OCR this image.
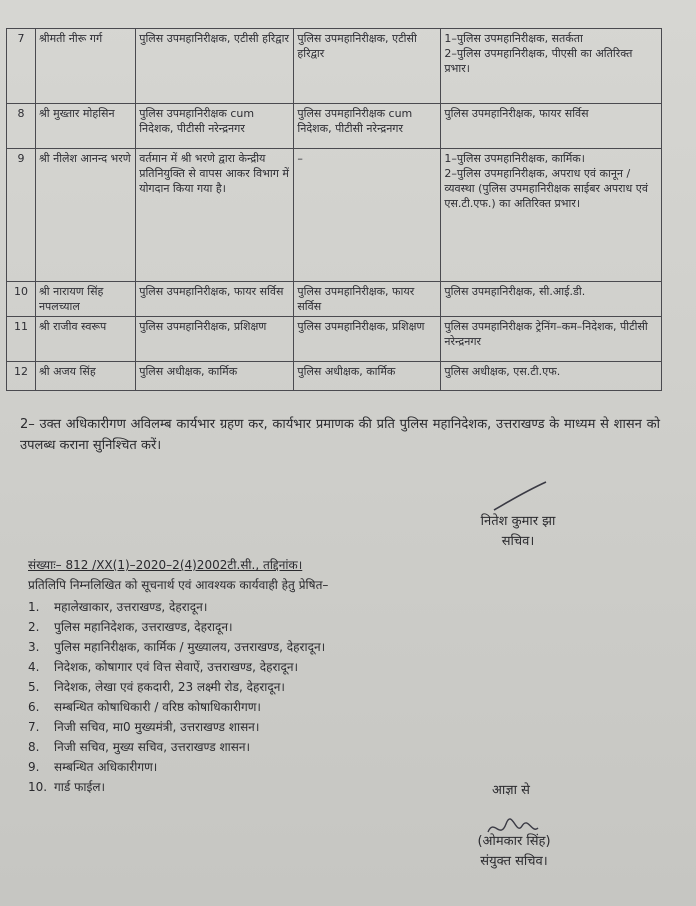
7	श्रीमती नीरू गर्ग	पुलिस उपमहानिरीक्षक, एटीसी हरिद्वार	पुलिस उपमहानिरीक्षक, एटीसी हरिद्वार	1–पुलिस उपमहानिरीक्षक, सतर्कता
2–पुलिस उपमहानिरीक्षक, पीएसी का अतिरिक्त प्रभार।

8	श्री मुख्तार मोहसिन	पुलिस उपमहानिरीक्षक cum निदेशक, पीटीसी नरेन्द्रनगर	पुलिस उपमहानिरीक्षक cum निदेशक, पीटीसी नरेन्द्रनगर	पुलिस उपमहानिरीक्षक, फायर सर्विस

9	श्री नीलेश आनन्द भरणे	वर्तमान में श्री भरणे द्वारा केन्द्रीय प्रतिनियुक्ति से वापस आकर विभाग में योगदान किया गया है।	–	1–पुलिस उपमहानिरीक्षक, कार्मिक।
2–पुलिस उपमहानिरीक्षक, अपराध एवं कानून / व्यवस्था (पुलिस उपमहानिरीक्षक साईबर अपराध एवं एस.टी.एफ.) का अतिरिक्त प्रभार।

10	श्री नारायण सिंह नपलच्याल	पुलिस उपमहानिरीक्षक, फायर सर्विस	पुलिस उपमहानिरीक्षक, फायर सर्विस	पुलिस उपमहानिरीक्षक, सी.आई.डी.

11	श्री राजीव स्वरूप	पुलिस उपमहानिरीक्षक, प्रशिक्षण	पुलिस उपमहानिरीक्षक, प्रशिक्षण	पुलिस उपमहानिरीक्षक ट्रेनिंग–कम–निदेशक, पीटीसी नरेन्द्रनगर

12	श्री अजय सिंह	पुलिस अधीक्षक, कार्मिक	पुलिस अधीक्षक, कार्मिक	पुलिस अधीक्षक, एस.टी.एफ.
2– उक्त अधिकारीगण अविलम्ब कार्यभार ग्रहण कर, कार्यभार प्रमाणक की प्रति पुलिस महानिदेशक, उत्तराखण्ड के माध्यम से शासन को उपलब्ध कराना सुनिश्चित करें।
नितेश कुमार झा
सचिव।
संख्याः– 812 /XX(1)–2020–2(4)2002टी.सी., तद्दिनांक।
प्रतिलिपि निम्नलिखित को सूचनार्थ एवं आवश्यक कार्यवाही हेतु प्रेषित–
1.	महालेखाकार, उत्तराखण्ड, देहरादून।
2.	पुलिस महानिदेशक, उत्तराखण्ड, देहरादून।
3.	पुलिस महानिरीक्षक, कार्मिक / मुख्यालय, उत्तराखण्ड, देहरादून।
4.	निदेशक, कोषागार एवं वित्त सेवाऐं, उत्तराखण्ड, देहरादून।
5.	निदेशक, लेखा एवं हकदारी, 23 लक्ष्मी रोड, देहरादून।
6.	सम्बन्धित कोषाधिकारी / वरिष्ठ कोषाधिकारीगण।
7.	निजी सचिव, मा0 मुख्यमंत्री, उत्तराखण्ड शासन।
8.	निजी सचिव, मुख्य सचिव, उत्तराखण्ड शासन।
9.	सम्बन्धित अधिकारीगण।
10. गार्ड फाईल।	आज्ञा से
(ओमकार सिंह)
संयुक्त सचिव।
